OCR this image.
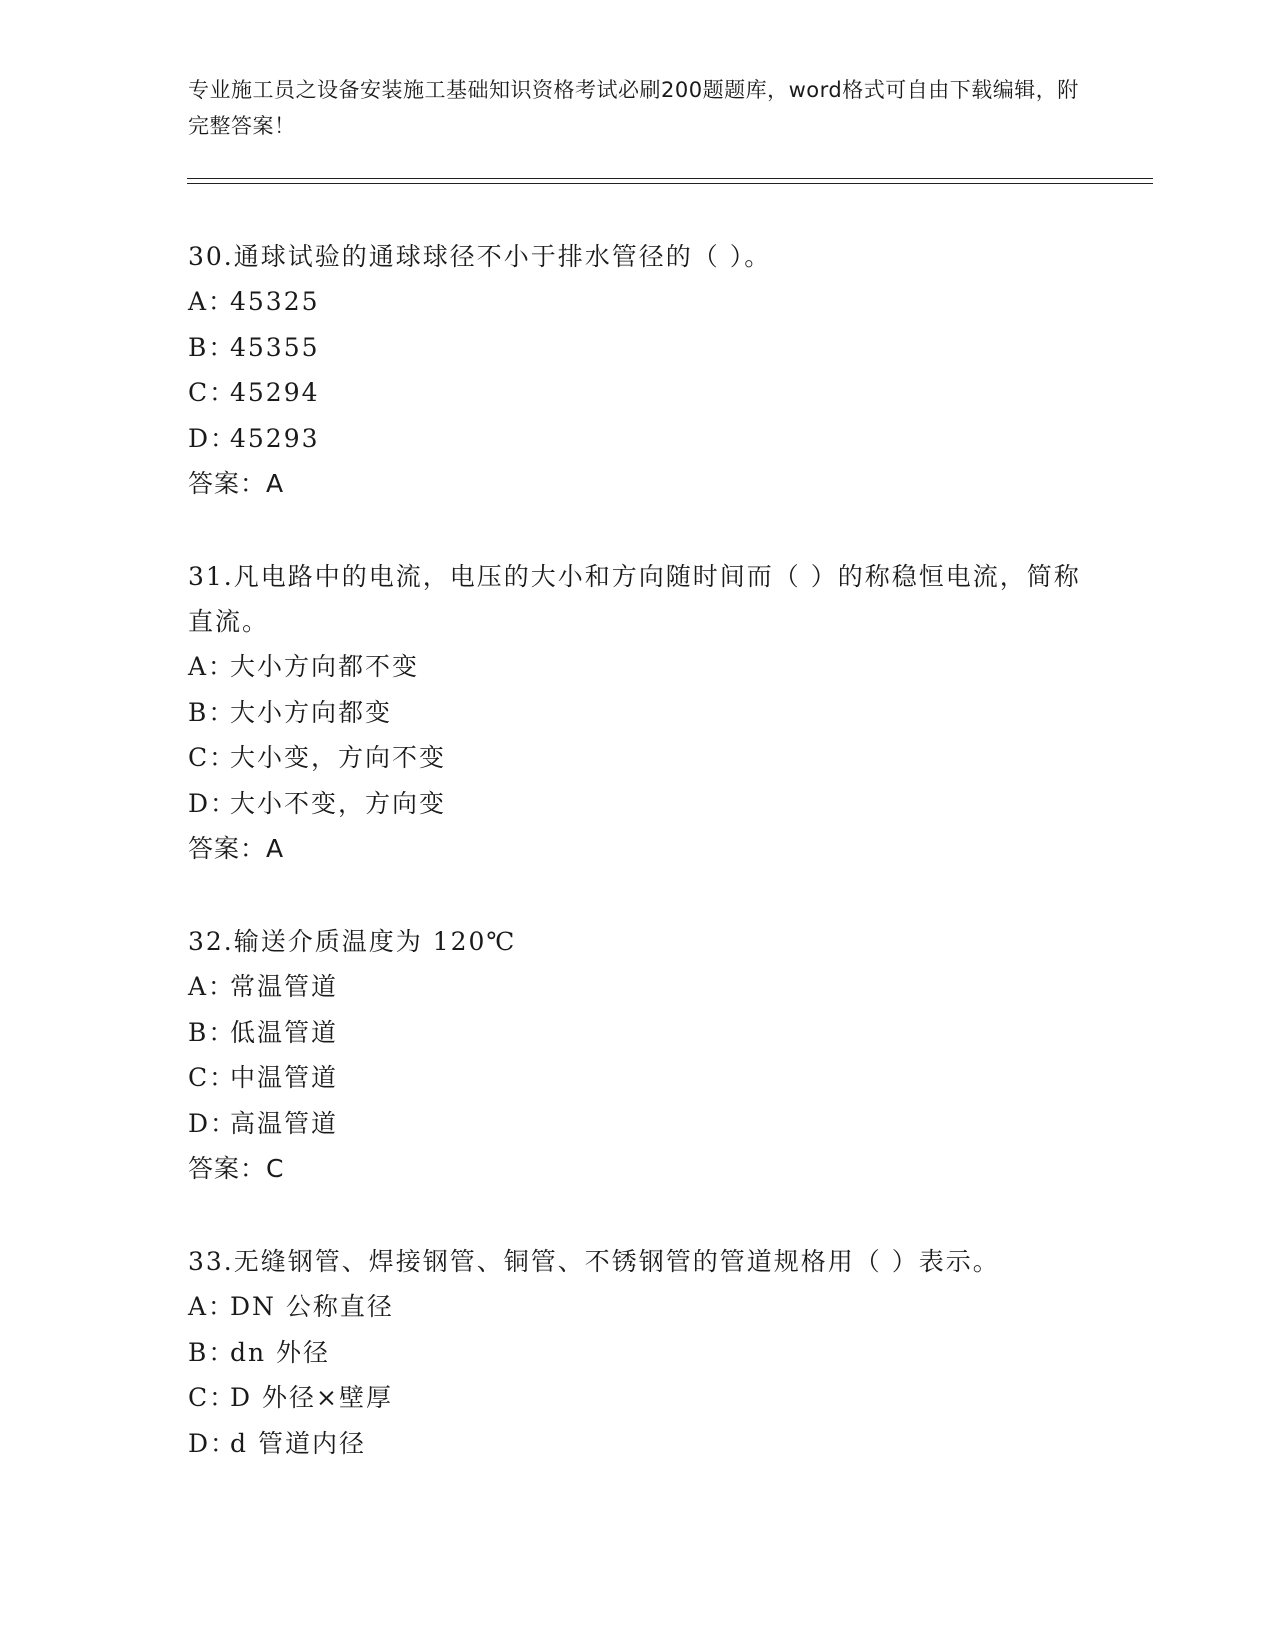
专业施工员之设备安装施工基础知识资格考试必刷200题题库，word格式可自由下载编辑，附完整答案！
30.通球试验的通球球径不小于排水管径的（ ）。
A：45325
B：45355
C：45294
D：45293
答案：A
31.凡电路中的电流，电压的大小和方向随时间而（ ）的称稳恒电流，简称直流。
A：大小方向都不变
B：大小方向都变
C：大小变，方向不变
D：大小不变，方向变
答案：A
32.输送介质温度为 120℃
A：常温管道
B：低温管道
C：中温管道
D：高温管道
答案：C
33.无缝钢管、焊接钢管、铜管、不锈钢管的管道规格用（ ）表示。
A：DN 公称直径
B：dn 外径
C：D 外径×壁厚
D：d 管道内径
